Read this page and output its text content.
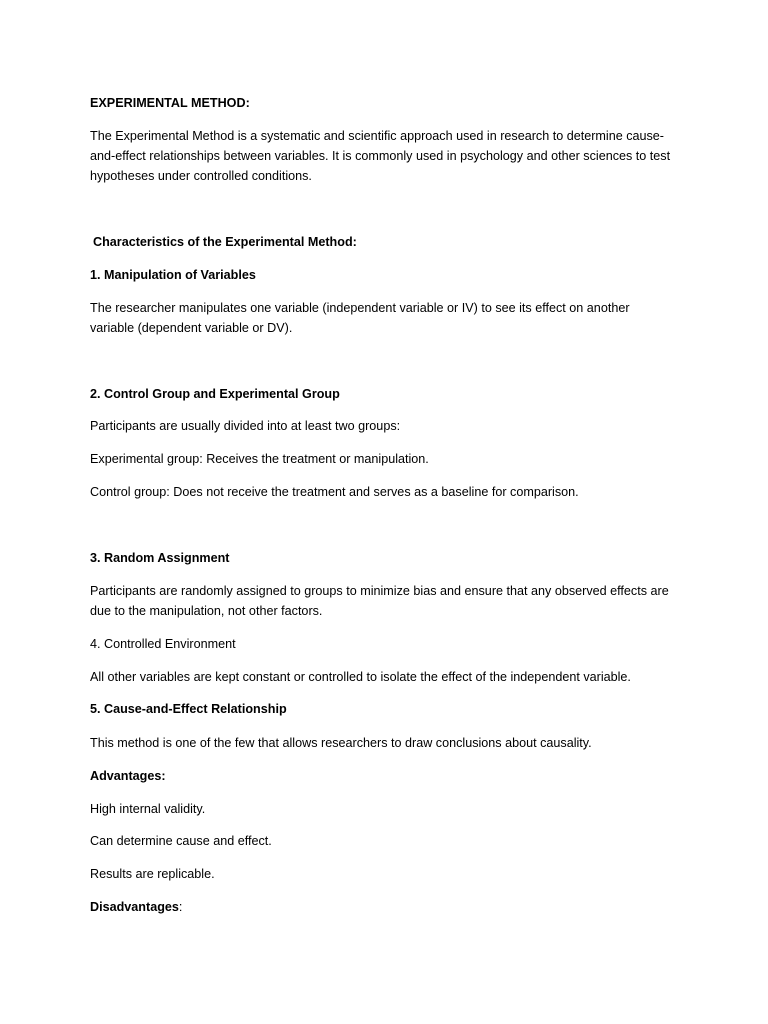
EXPERIMENTAL METHOD:
The Experimental Method is a systematic and scientific approach used in research to determine cause-
and-effect relationships between variables. It is commonly used in psychology and other sciences to test
hypotheses under controlled conditions.
Characteristics of the Experimental Method:
1. Manipulation of Variables
The researcher manipulates one variable (independent variable or IV) to see its effect on another
variable (dependent variable or DV).
2. Control Group and Experimental Group
Participants are usually divided into at least two groups:
Experimental group: Receives the treatment or manipulation.
Control group: Does not receive the treatment and serves as a baseline for comparison.
3. Random Assignment
Participants are randomly assigned to groups to minimize bias and ensure that any observed effects are
due to the manipulation, not other factors.
4. Controlled Environment
All other variables are kept constant or controlled to isolate the effect of the independent variable.
5. Cause-and-Effect Relationship
This method is one of the few that allows researchers to draw conclusions about causality.
Advantages:
High internal validity.
Can determine cause and effect.
Results are replicable.
Disadvantages:
